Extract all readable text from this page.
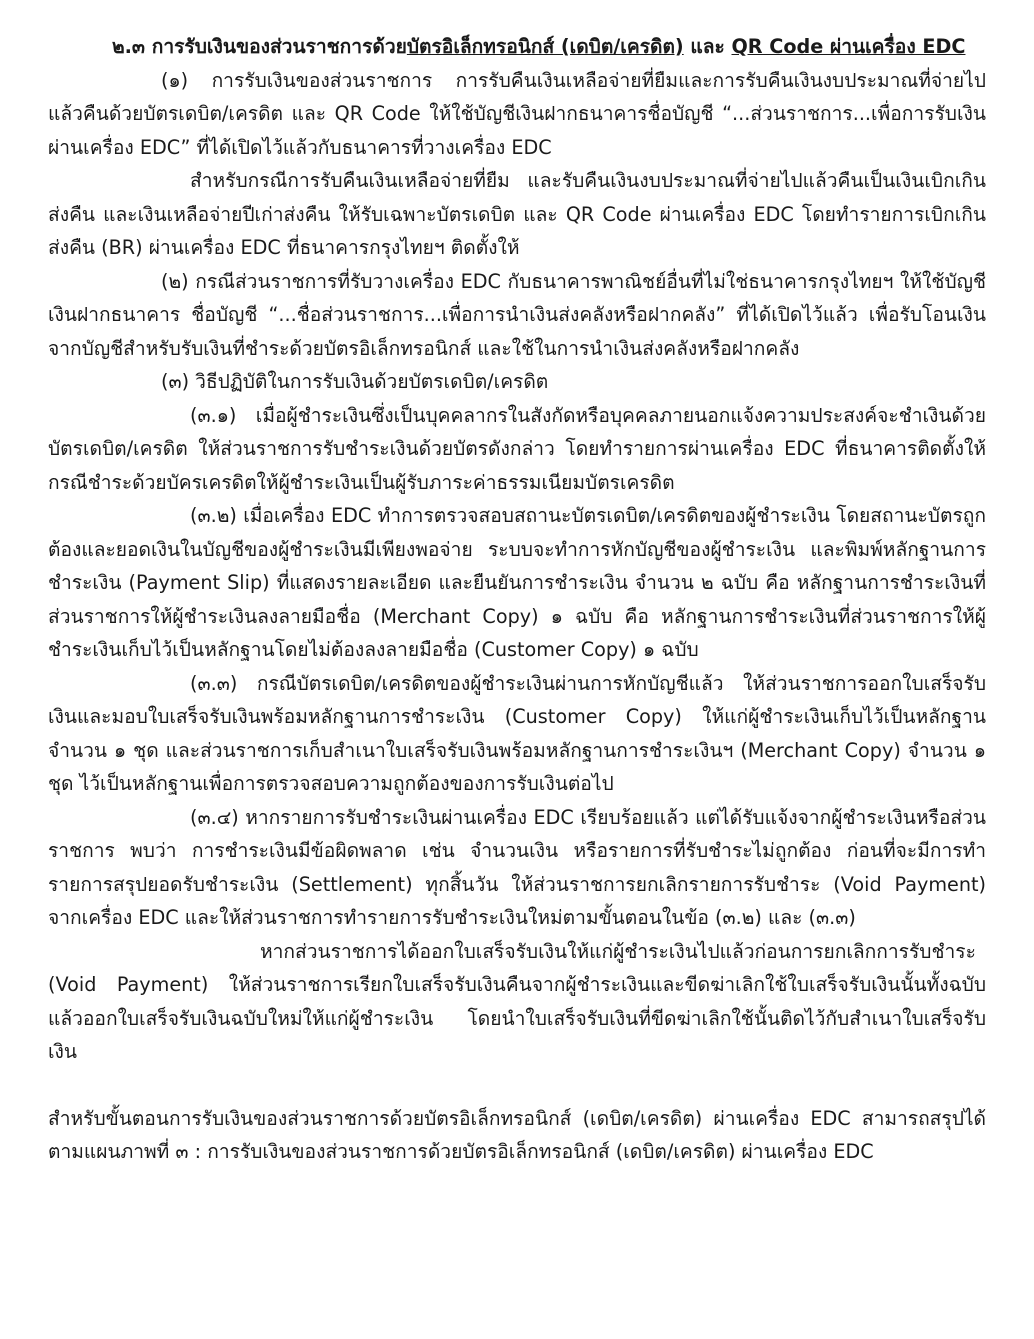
๒.๓ การรับเงินของส่วนราชการด้วยบัตรอิเล็กทรอนิกส์ (เดบิต/เครดิต) และ QR Code ผ่านเครื่อง EDC

(๑) การรับเงินของส่วนราชการ การรับคืนเงินเหลือจ่ายที่ยืมและการรับคืนเงินงบประมาณที่จ่ายไปแล้วคืนด้วยบัตรเดบิต/เครดิต และ QR Code ให้ใช้บัญชีเงินฝากธนาคารชื่อบัญชี “...ส่วนราชการ...เพื่อการรับเงินผ่านเครื่อง EDC” ที่ได้เปิดไว้แล้วกับธนาคารที่วางเครื่อง EDC

สำหรับกรณีการรับคืนเงินเหลือจ่ายที่ยืม และรับคืนเงินงบประมาณที่จ่ายไปแล้วคืนเป็นเงินเบิกเกินส่งคืน และเงินเหลือจ่ายปีเก่าส่งคืน ให้รับเฉพาะบัตรเดบิต และ QR Code ผ่านเครื่อง EDC โดยทำรายการเบิกเกินส่งคืน (BR) ผ่านเครื่อง EDC ที่ธนาคารกรุงไทยฯ ติดตั้งให้

(๒) กรณีส่วนราชการที่รับวางเครื่อง EDC กับธนาคารพาณิชย์อื่นที่ไม่ใช่ธนาคารกรุงไทยฯ ให้ใช้บัญชีเงินฝากธนาคาร ชื่อบัญชี “...ชื่อส่วนราชการ...เพื่อการนำเงินส่งคลังหรือฝากคลัง” ที่ได้เปิดไว้แล้ว เพื่อรับโอนเงินจากบัญชีสำหรับรับเงินที่ชำระด้วยบัตรอิเล็กทรอนิกส์ และใช้ในการนำเงินส่งคลังหรือฝากคลัง

(๓) วิธีปฏิบัติในการรับเงินด้วยบัตรเดบิต/เครดิต

(๓.๑) เมื่อผู้ชำระเงินซึ่งเป็นบุคคลากรในสังกัดหรือบุคคลภายนอกแจ้งความประสงค์จะชำเงินด้วยบัตรเดบิต/เครดิต ให้ส่วนราชการรับชำระเงินด้วยบัตรดังกล่าว โดยทำรายการผ่านเครื่อง EDC ที่ธนาคารติดตั้งให้ กรณีชำระด้วยบัครเครดิตให้ผู้ชำระเงินเป็นผู้รับภาระค่าธรรมเนียมบัตรเครดิต

(๓.๒) เมื่อเครื่อง EDC ทำการตรวจสอบสถานะบัตรเดบิต/เครดิตของผู้ชำระเงิน โดยสถานะบัตรถูกต้องและยอดเงินในบัญชีของผู้ชำระเงินมีเพียงพอจ่าย ระบบจะทำการหักบัญชีของผู้ชำระเงิน และพิมพ์หลักฐานการชำระเงิน (Payment Slip) ที่แสดงรายละเอียด และยืนยันการชำระเงิน จำนวน ๒ ฉบับ คือ หลักฐานการชำระเงินที่ส่วนราชการให้ผู้ชำระเงินลงลายมือชื่อ (Merchant Copy) ๑ ฉบับ คือ หลักฐานการชำระเงินที่ส่วนราชการให้ผู้ชำระเงินเก็บไว้เป็นหลักฐานโดยไม่ต้องลงลายมือชื่อ (Customer Copy) ๑ ฉบับ

(๓.๓) กรณีบัตรเดบิต/เครดิตของผู้ชำระเงินผ่านการหักบัญชีแล้ว ให้ส่วนราชการออกใบเสร็จรับเงินและมอบใบเสร็จรับเงินพร้อมหลักฐานการชำระเงิน (Customer Copy) ให้แก่ผู้ชำระเงินเก็บไว้เป็นหลักฐานจำนวน ๑ ชุด และส่วนราชการเก็บสำเนาใบเสร็จรับเงินพร้อมหลักฐานการชำระเงินฯ (Merchant Copy) จำนวน ๑ ชุด ไว้เป็นหลักฐานเพื่อการตรวจสอบความถูกต้องของการรับเงินต่อไป

(๓.๔) หากรายการรับชำระเงินผ่านเครื่อง EDC เรียบร้อยแล้ว แต่ได้รับแจ้งจากผู้ชำระเงินหรือส่วนราชการ พบว่า การชำระเงินมีข้อผิดพลาด เช่น จำนวนเงิน หรือรายการที่รับชำระไม่ถูกต้อง ก่อนที่จะมีการทำรายการสรุปยอดรับชำระเงิน (Settlement) ทุกสิ้นวัน ให้ส่วนราชการยกเลิกรายการรับชำระ (Void Payment) จากเครื่อง EDC และให้ส่วนราชการทำรายการรับชำระเงินใหม่ตามขั้นตอนในข้อ (๓.๒) และ (๓.๓)

หากส่วนราชการได้ออกใบเสร็จรับเงินให้แก่ผู้ชำระเงินไปแล้วก่อนการยกเลิกการรับชำระ (Void Payment) ให้ส่วนราชการเรียกใบเสร็จรับเงินคืนจากผู้ชำระเงินและขีดฆ่าเลิกใช้ใบเสร็จรับเงินนั้นทั้งฉบับ แล้วออกใบเสร็จรับเงินฉบับใหม่ให้แก่ผู้ชำระเงิน โดยนำใบเสร็จรับเงินที่ขีดฆ่าเลิกใช้นั้นติดไว้กับสำเนาใบเสร็จรับเงิน

สำหรับขั้นตอนการรับเงินของส่วนราชการด้วยบัตรอิเล็กทรอนิกส์ (เดบิต/เครดิต) ผ่านเครื่อง EDC สามารถสรุปได้ตามแผนภาพที่ ๓ : การรับเงินของส่วนราชการด้วยบัตรอิเล็กทรอนิกส์ (เดบิต/เครดิต) ผ่านเครื่อง EDC
